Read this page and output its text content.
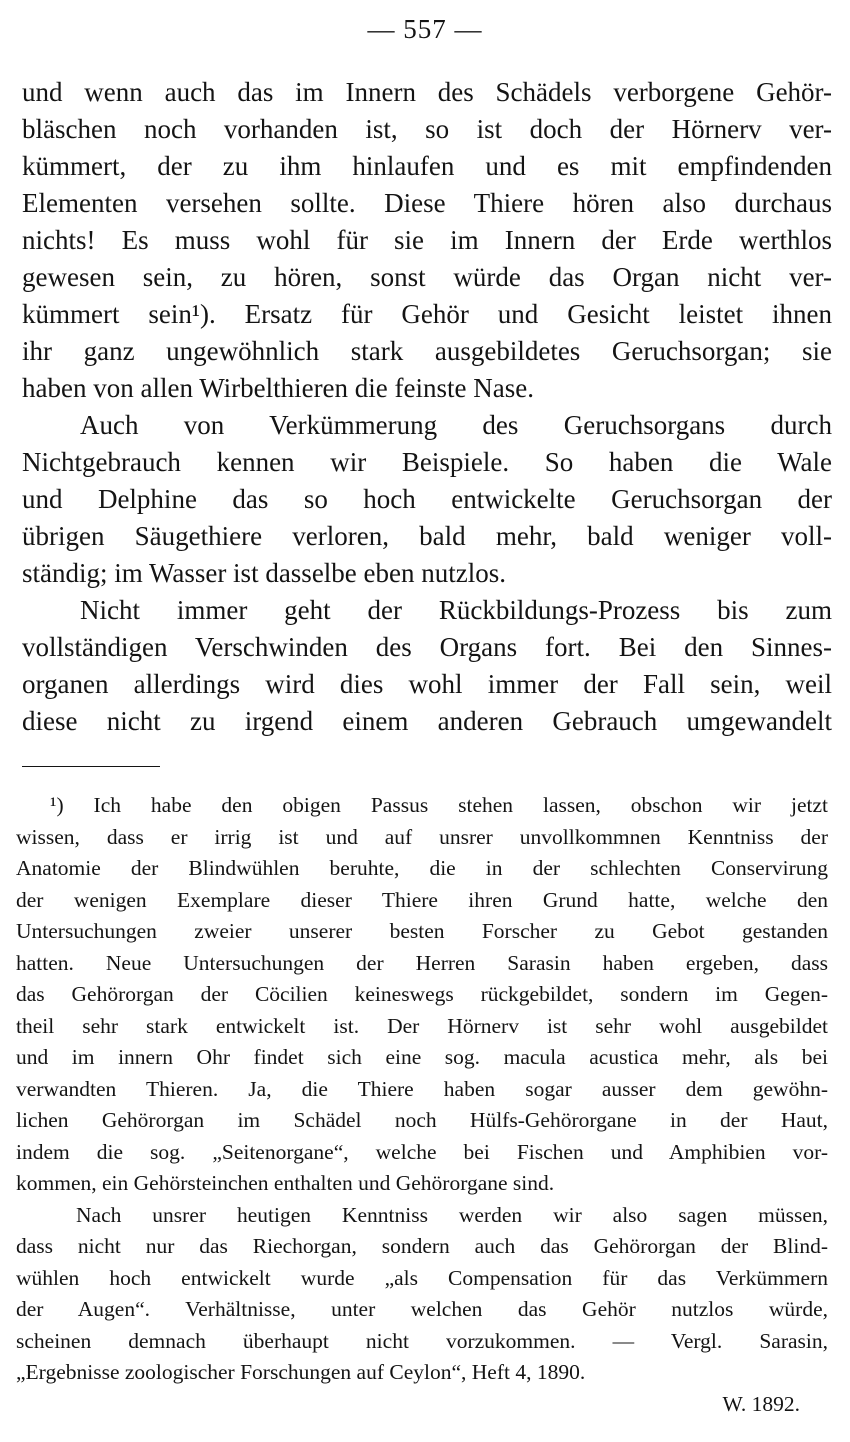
— 557 —
und wenn auch das im Innern des Schädels verborgene Gehör-
bläschen noch vorhanden ist, so ist doch der Hörnerv ver-
kümmert, der zu ihm hinlaufen und es mit empfindenden
Elementen versehen sollte. Diese Thiere hören also durchaus
nichts! Es muss wohl für sie im Innern der Erde werthlos
gewesen sein, zu hören, sonst würde das Organ nicht ver-
kümmert sein¹). Ersatz für Gehör und Gesicht leistet ihnen
ihr ganz ungewöhnlich stark ausgebildetes Geruchsorgan; sie
haben von allen Wirbelthieren die feinste Nase.
Auch von Verkümmerung des Geruchsorgans durch
Nichtgebrauch kennen wir Beispiele. So haben die Wale
und Delphine das so hoch entwickelte Geruchsorgan der
übrigen Säugethiere verloren, bald mehr, bald weniger voll-
ständig; im Wasser ist dasselbe eben nutzlos.
Nicht immer geht der Rückbildungs-Prozess bis zum
vollständigen Verschwinden des Organs fort. Bei den Sinnes-
organen allerdings wird dies wohl immer der Fall sein, weil
diese nicht zu irgend einem anderen Gebrauch umgewandelt
¹) Ich habe den obigen Passus stehen lassen, obschon wir jetzt
wissen, dass er irrig ist und auf unsrer unvollkommnen Kenntniss der
Anatomie der Blindwühlen beruhte, die in der schlechten Conservirung
der wenigen Exemplare dieser Thiere ihren Grund hatte, welche den
Untersuchungen zweier unserer besten Forscher zu Gebot gestanden
hatten. Neue Untersuchungen der Herren Sarasin haben ergeben, dass
das Gehörorgan der Cöcilien keineswegs rückgebildet, sondern im Gegen-
theil sehr stark entwickelt ist. Der Hörnerv ist sehr wohl ausgebildet
und im innern Ohr findet sich eine sog. macula acustica mehr, als bei
verwandten Thieren. Ja, die Thiere haben sogar ausser dem gewöhn-
lichen Gehörorgan im Schädel noch Hülfs-Gehörorgane in der Haut,
indem die sog. „Seitenorgane“, welche bei Fischen und Amphibien vor-
kommen, ein Gehörsteinchen enthalten und Gehörorgane sind.
Nach unsrer heutigen Kenntniss werden wir also sagen müssen,
dass nicht nur das Riechorgan, sondern auch das Gehörorgan der Blind-
wühlen hoch entwickelt wurde „als Compensation für das Verkümmern
der Augen“. Verhältnisse, unter welchen das Gehör nutzlos würde,
scheinen demnach überhaupt nicht vorzukommen. — Vergl. Sarasin,
„Ergebnisse zoologischer Forschungen auf Ceylon“, Heft 4, 1890.
W. 1892.
